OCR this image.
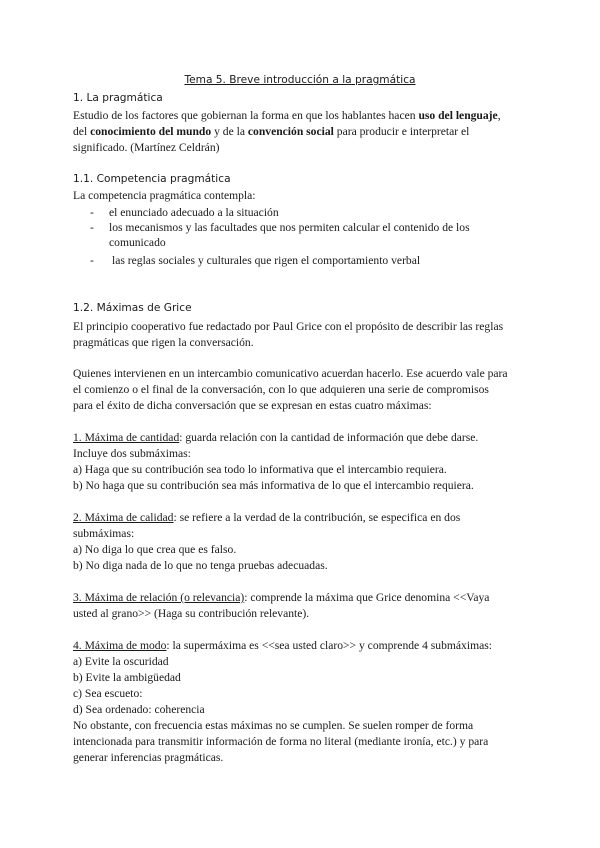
Tema 5. Breve introducción a la pragmática
1. La pragmática
Estudio de los factores que gobiernan la forma en que los hablantes hacen uso del lenguaje,
del conocimiento del mundo y de la convención social para producir e interpretar el
significado. (Martínez Celdrán)
1.1. Competencia pragmática
La competencia pragmática contempla:
- el enunciado adecuado a la situación
- los mecanismos y las facultades que nos permiten calcular el contenido de los
comunicado
- las reglas sociales y culturales que rigen el comportamiento verbal
1.2. Máximas de Grice
El principio cooperativo fue redactado por Paul Grice con el propósito de describir las reglas
pragmáticas que rigen la conversación.
Quienes intervienen en un intercambio comunicativo acuerdan hacerlo. Ese acuerdo vale para
el comienzo o el final de la conversación, con lo que adquieren una serie de compromisos
para el éxito de dicha conversación que se expresan en estas cuatro máximas:
1. Máxima de cantidad: guarda relación con la cantidad de información que debe darse.
Incluye dos submáximas:
a) Haga que su contribución sea todo lo informativa que el intercambio requiera.
b) No haga que su contribución sea más informativa de lo que el intercambio requiera.
2. Máxima de calidad: se refiere a la verdad de la contribución, se especifica en dos
submáximas:
a) No diga lo que crea que es falso.
b) No diga nada de lo que no tenga pruebas adecuadas.
3. Máxima de relación (o relevancia): comprende la máxima que Grice denomina <<Vaya
usted al grano>> (Haga su contribución relevante).
4. Máxima de modo: la supermáxima es <<sea usted claro>> y comprende 4 submáximas:
a) Evite la oscuridad
b) Evite la ambigüedad
c) Sea escueto:
d) Sea ordenado: coherencia
No obstante, con frecuencia estas máximas no se cumplen. Se suelen romper de forma
intencionada para transmitir información de forma no literal (mediante ironía, etc.) y para
generar inferencias pragmáticas.
